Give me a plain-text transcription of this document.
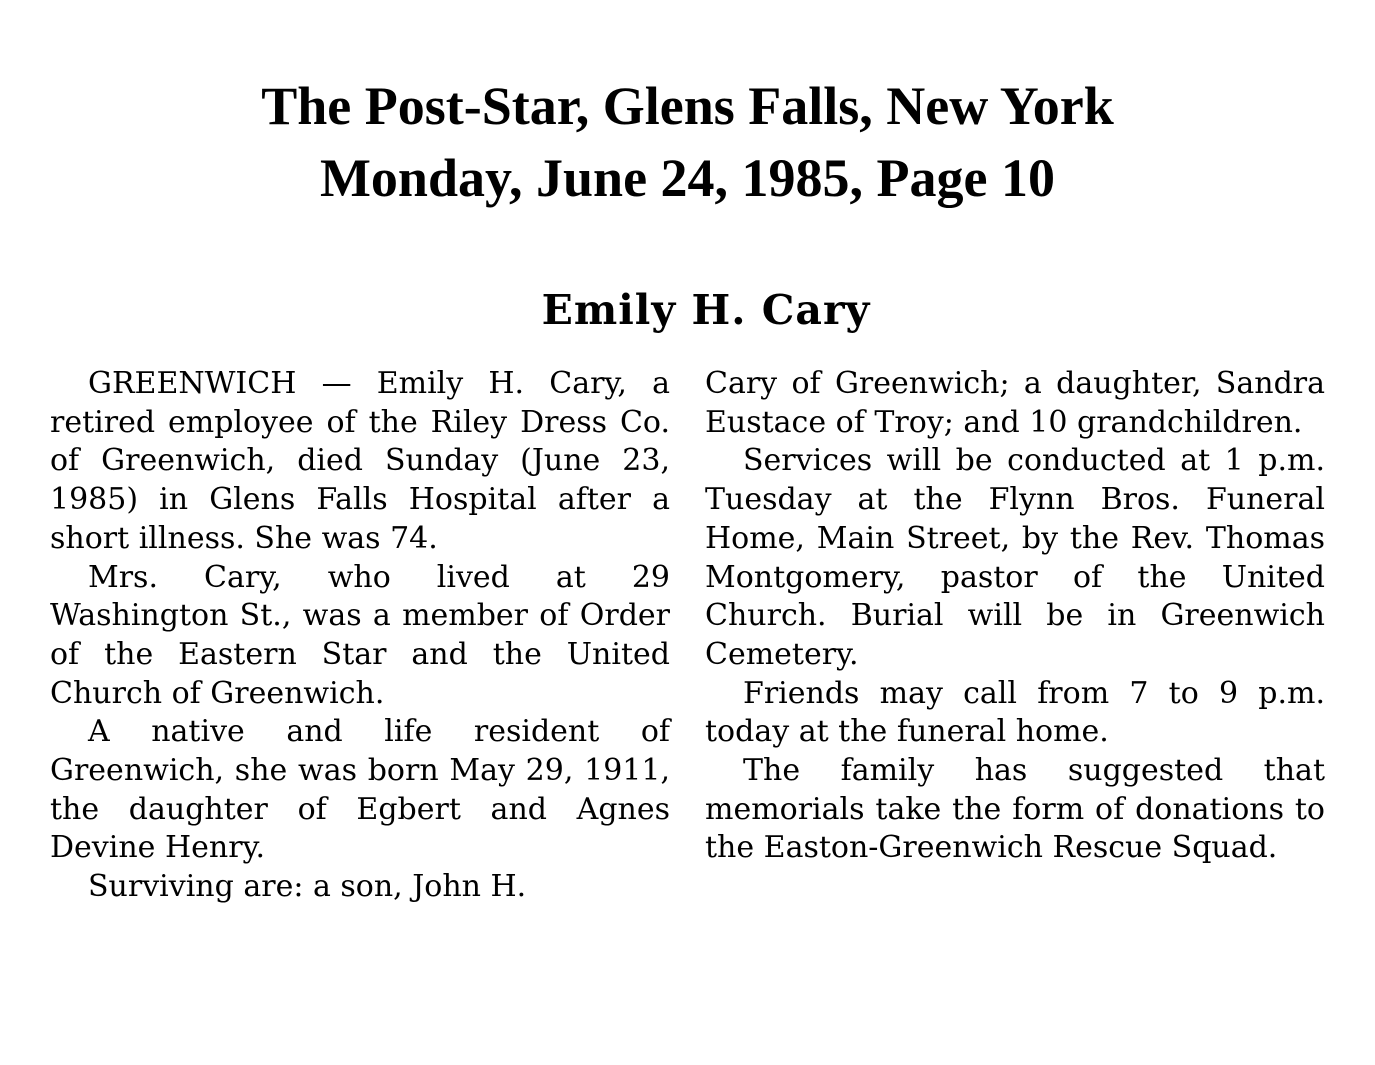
The Post-Star, Glens Falls, New York
Monday, June 24, 1985, Page 10
Emily H. Cary

GREENWICH — Emily H. Cary, a retired employee of the Riley Dress Co. of Greenwich, died Sunday (June 23, 1985) in Glens Falls Hospital after a short illness. She was 74.

Mrs. Cary, who lived at 29 Washington St., was a member of Order of the Eastern Star and the United Church of Greenwich.

A native and life resident of Greenwich, she was born May 29, 1911, the daughter of Egbert and Agnes Devine Henry.

Surviving are: a son, John H.

Cary of Greenwich; a daughter, Sandra Eustace of Troy; and 10 grandchildren.

Services will be conducted at 1 p.m. Tuesday at the Flynn Bros. Funeral Home, Main Street, by the Rev. Thomas Montgomery, pastor of the United Church. Burial will be in Greenwich Cemetery.

Friends may call from 7 to 9 p.m. today at the funeral home.

The family has suggested that memorials take the form of donations to the Easton-Greenwich Rescue Squad.
